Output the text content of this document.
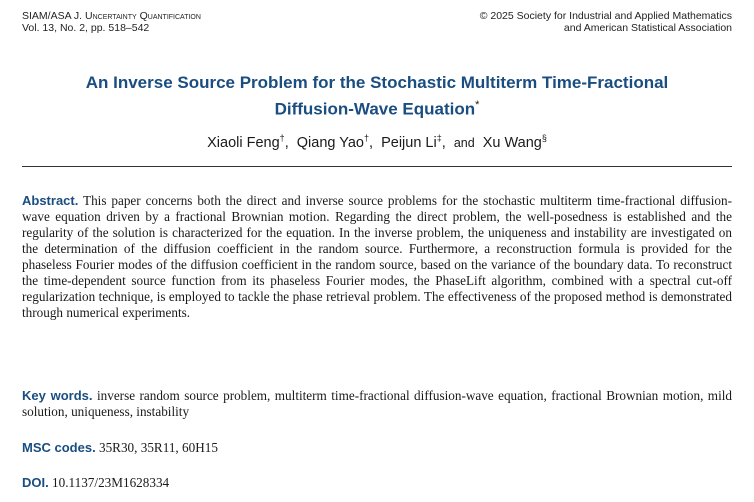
SIAM/ASA J. Uncertainty Quantification
Vol. 13, No. 2, pp. 518–542
© 2025 Society for Industrial and Applied Mathematics
and American Statistical Association
An Inverse Source Problem for the Stochastic Multiterm Time-Fractional
Diffusion-Wave Equation*
Xiaoli Feng†, Qiang Yao†, Peijun Li‡, and Xu Wang§
Abstract. This paper concerns both the direct and inverse source problems for the stochastic multiterm time-fractional diffusion-wave equation driven by a fractional Brownian motion. Regarding the direct problem, the well-posedness is established and the regularity of the solution is characterized for the equation. In the inverse problem, the uniqueness and instability are investigated on the determination of the diffusion coefficient in the random source. Furthermore, a reconstruction formula is provided for the phaseless Fourier modes of the diffusion coefficient in the random source, based on the variance of the boundary data. To reconstruct the time-dependent source function from its phaseless Fourier modes, the PhaseLift algorithm, combined with a spectral cut-off regularization technique, is employed to tackle the phase retrieval problem. The effectiveness of the proposed method is demonstrated through numerical experiments.
Key words. inverse random source problem, multiterm time-fractional diffusion-wave equation, fractional Brownian motion, mild solution, uniqueness, instability
MSC codes. 35R30, 35R11, 60H15
DOI. 10.1137/23M1628334
